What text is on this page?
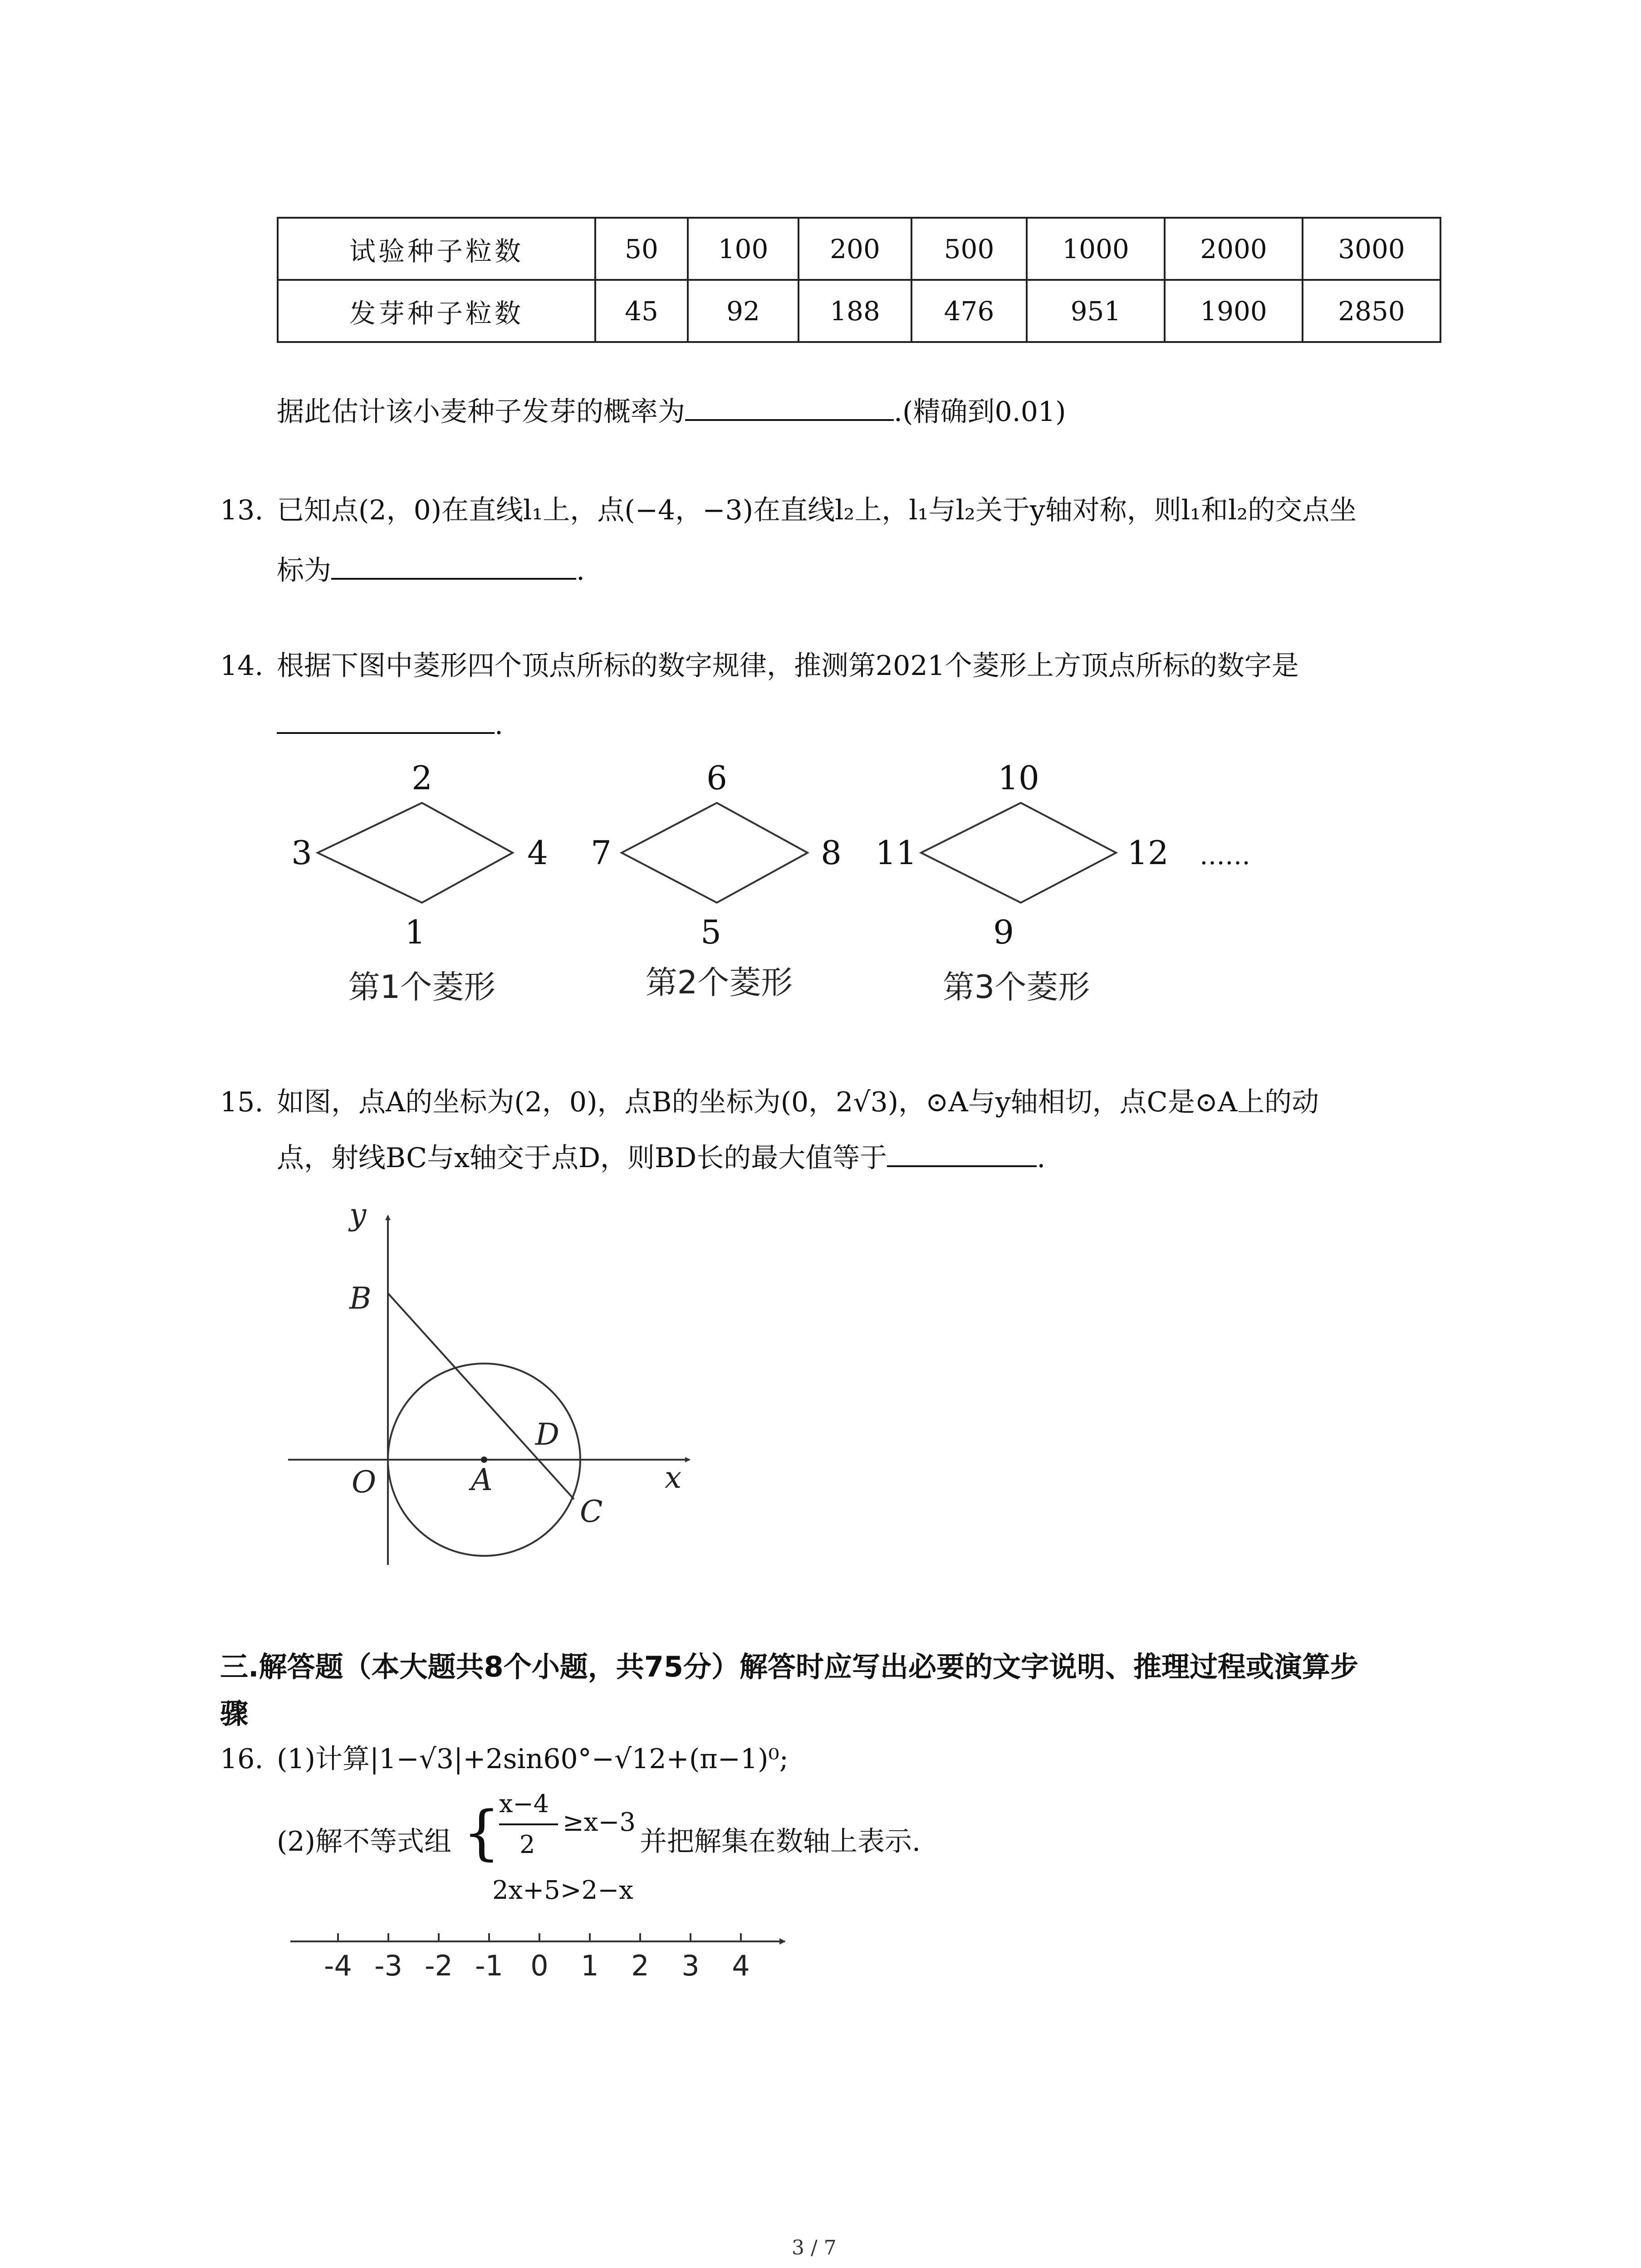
试验种子粒数	50	100	200	500	1000	2000	3000
发芽种子粒数	45	92	188	476	951	1900	2850
据此估计该小麦种子发芽的概率为	.(精确到0.01)
13. 已知点(2，0)在直线l₁上，点(−4，−3)在直线l₂上，l₁与l₂关于y轴对称，则l₁和l₂的交点坐
标为	.
14. 根据下图中菱形四个顶点所标的数字规律，推测第2021个菱形上方顶点所标的数字是
.
2
3	4
1
6
7	8
5
10
11	12
9
……
第1个菱形	第2个菱形	第3个菱形
15. 如图，点A的坐标为(2，0)，点B的坐标为(0，2√3)，⊙A与y轴相切，点C是⊙A上的动
点，射线BC与x轴交于点D，则BD长的最大值等于	.
y
x
B
O	A
D
C
三.解答题（本大题共8个小题，共75分）解答时应写出必要的文字说明、推理过程或演算步
骤
16. (1)计算|1−√3|+2sin60°−√12+(π−1)⁰;
(2)解不等式组 {
x−4
2
≥x−3
2x+5>2−x
并把解集在数轴上表示.
-4 -3 -2 -1 0 1 2 3 4
3 / 7
